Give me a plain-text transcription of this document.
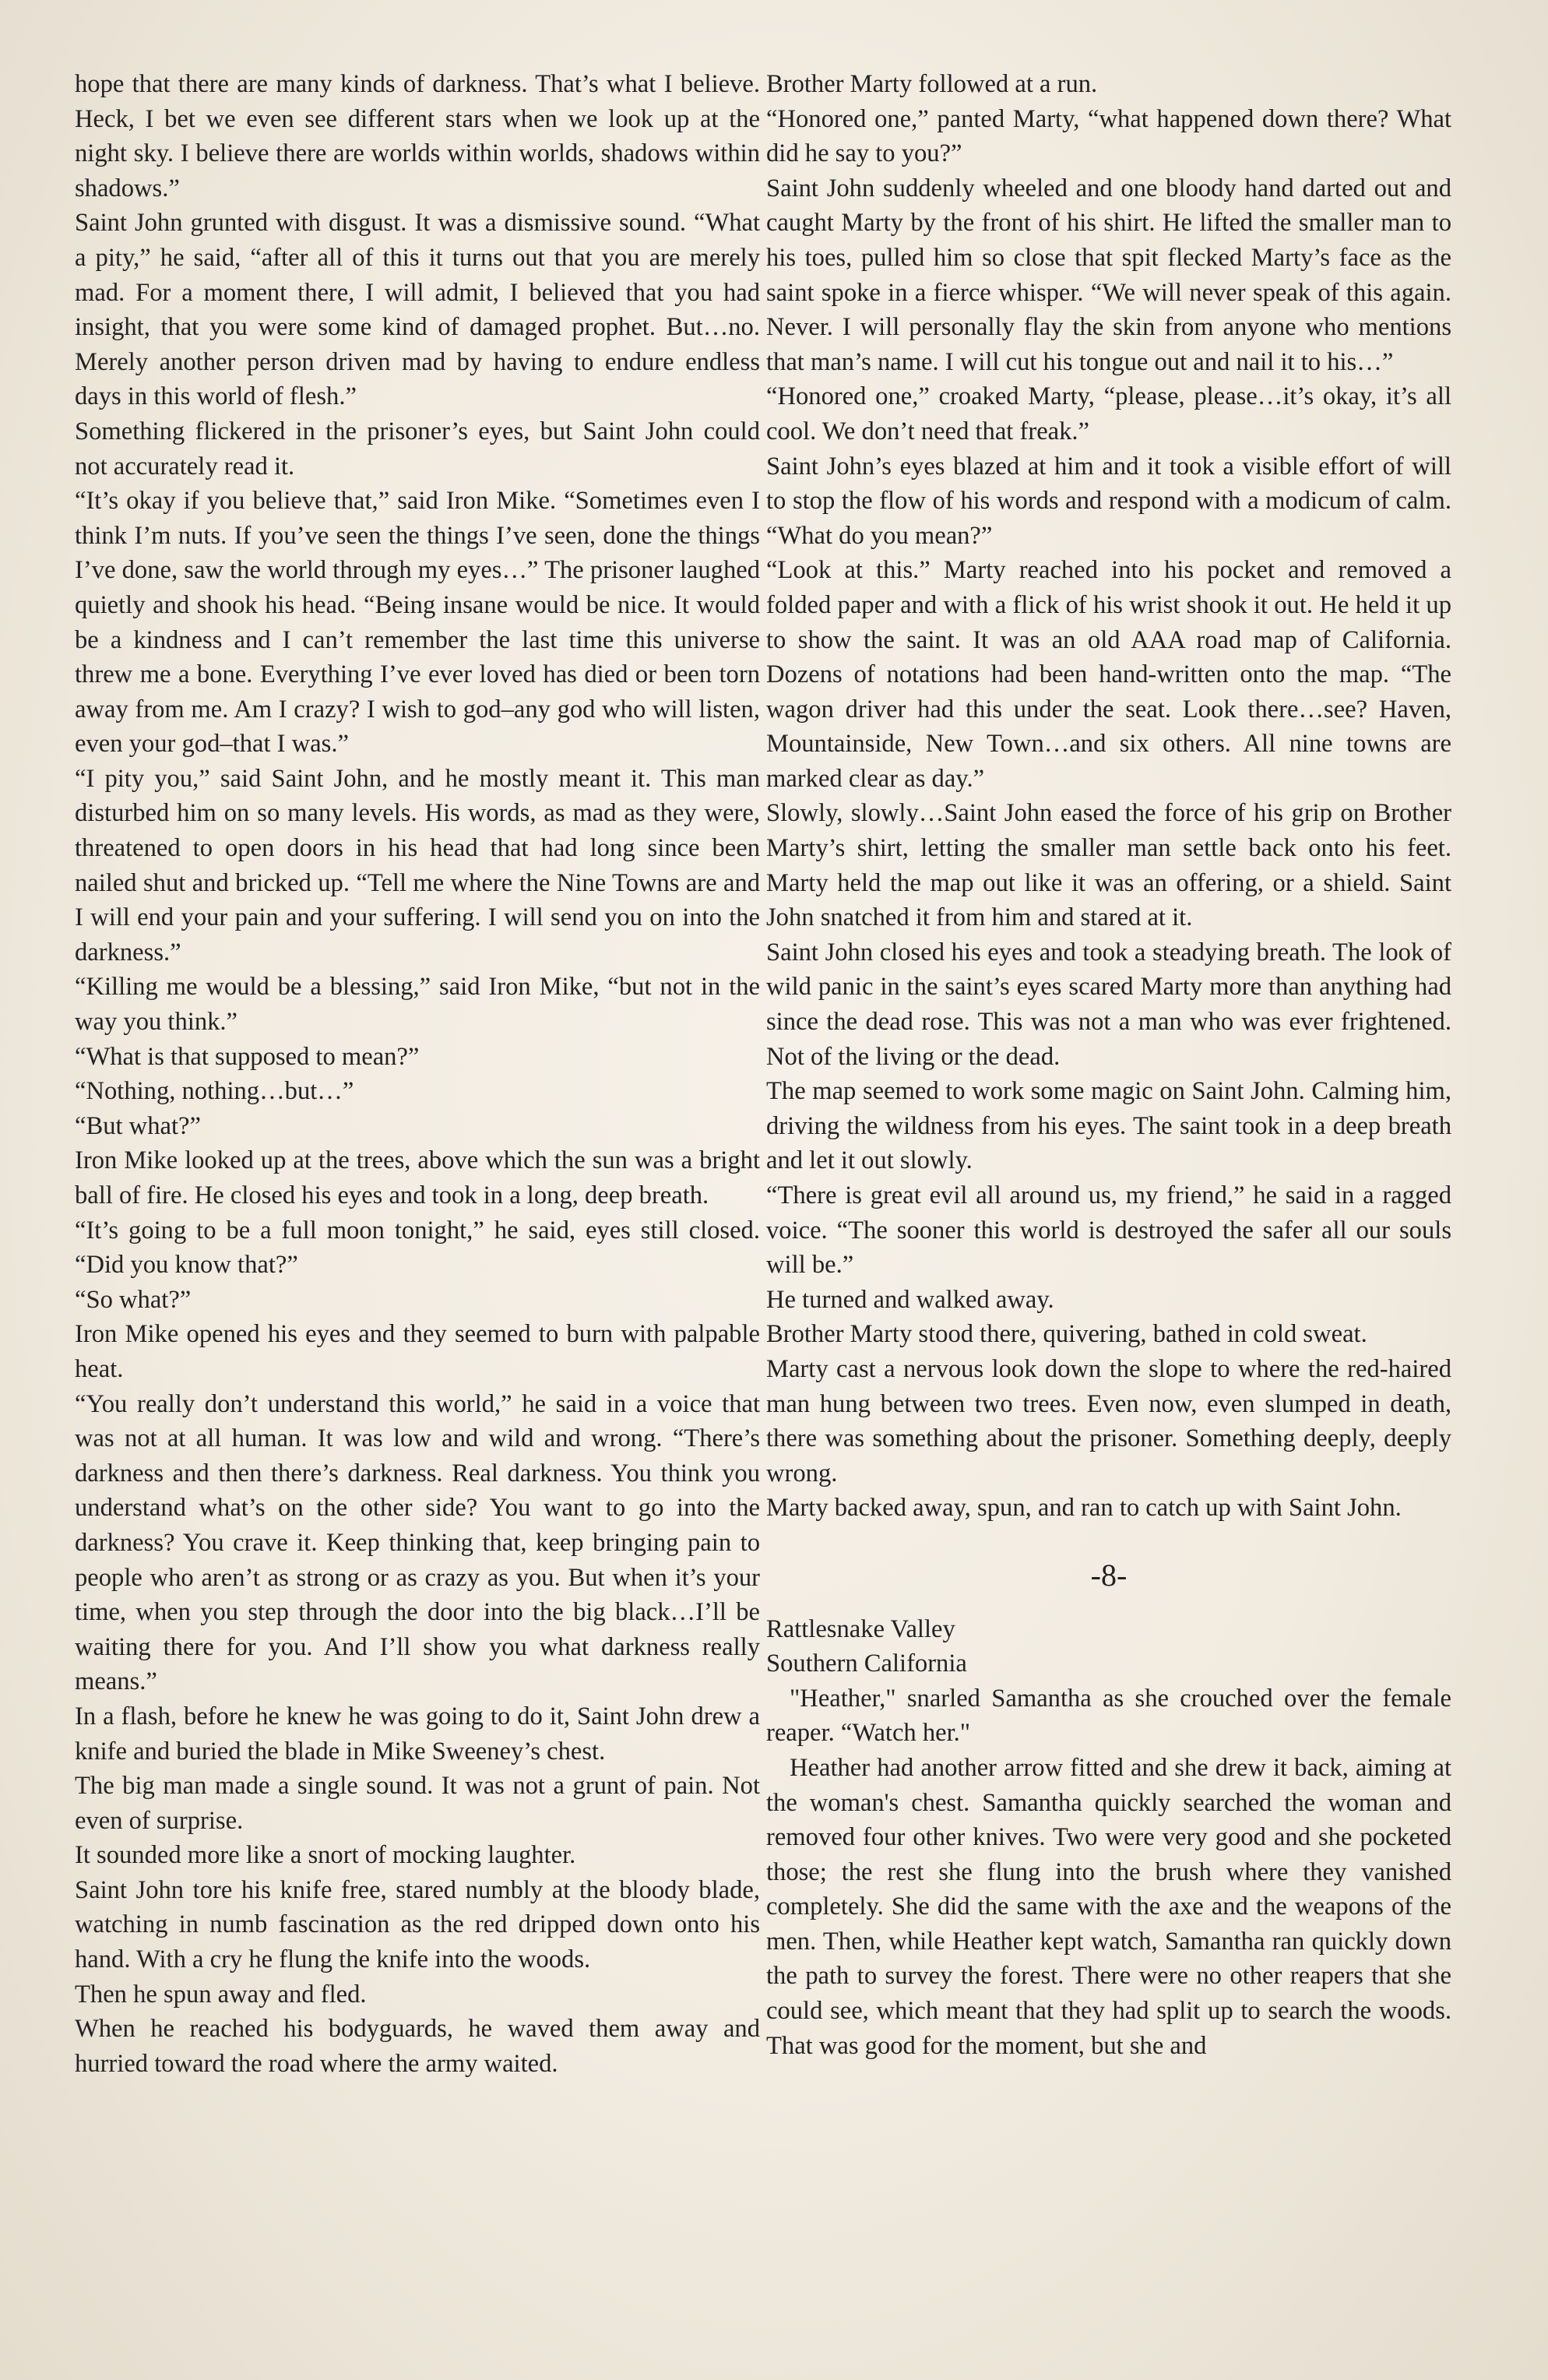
hope that there are many kinds of darkness. That’s what I believe. Heck, I bet we even see different stars when we look up at the night sky. I believe there are worlds within worlds, shadows within shadows.”

Saint John grunted with disgust. It was a dismissive sound. “What a pity,” he said, “after all of this it turns out that you are merely mad. For a moment there, I will admit, I believed that you had insight, that you were some kind of damaged prophet. But…no. Merely another person driven mad by having to endure endless days in this world of flesh.”

Something flickered in the prisoner’s eyes, but Saint John could not accurately read it.

“It’s okay if you believe that,” said Iron Mike. “Sometimes even I think I’m nuts. If you’ve seen the things I’ve seen, done the things I’ve done, saw the world through my eyes…” The prisoner laughed quietly and shook his head. “Being insane would be nice. It would be a kindness and I can’t remember the last time this universe threw me a bone. Everything I’ve ever loved has died or been torn away from me. Am I crazy? I wish to god–any god who will listen, even your god–that I was.”

“I pity you,” said Saint John, and he mostly meant it. This man disturbed him on so many levels. His words, as mad as they were, threatened to open doors in his head that had long since been nailed shut and bricked up. “Tell me where the Nine Towns are and I will end your pain and your suffering. I will send you on into the darkness.”

“Killing me would be a blessing,” said Iron Mike, “but not in the way you think.”

“What is that supposed to mean?”

“Nothing, nothing…but…”

“But what?”

Iron Mike looked up at the trees, above which the sun was a bright ball of fire. He closed his eyes and took in a long, deep breath.

“It’s going to be a full moon tonight,” he said, eyes still closed. “Did you know that?”

“So what?”

Iron Mike opened his eyes and they seemed to burn with palpable heat.

“You really don’t understand this world,” he said in a voice that was not at all human. It was low and wild and wrong. “There’s darkness and then there’s darkness. Real darkness. You think you understand what’s on the other side? You want to go into the darkness? You crave it. Keep thinking that, keep bringing pain to people who aren’t as strong or as crazy as you. But when it’s your time, when you step through the door into the big black…I’ll be waiting there for you. And I’ll show you what darkness really means.”

In a flash, before he knew he was going to do it, Saint John drew a knife and buried the blade in Mike Sweeney’s chest.

The big man made a single sound. It was not a grunt of pain. Not even of surprise.

It sounded more like a snort of mocking laughter.

Saint John tore his knife free, stared numbly at the bloody blade, watching in numb fascination as the red dripped down onto his hand. With a cry he flung the knife into the woods.

Then he spun away and fled.

When he reached his bodyguards, he waved them away and hurried toward the road where the army waited.

Brother Marty followed at a run.

“Honored one,” panted Marty, “what happened down there? What did he say to you?”

Saint John suddenly wheeled and one bloody hand darted out and caught Marty by the front of his shirt. He lifted the smaller man to his toes, pulled him so close that spit flecked Marty’s face as the saint spoke in a fierce whisper. “We will never speak of this again. Never. I will personally flay the skin from anyone who mentions that man’s name. I will cut his tongue out and nail it to his…”

“Honored one,” croaked Marty, “please, please…it’s okay, it’s all cool. We don’t need that freak.”

Saint John’s eyes blazed at him and it took a visible effort of will to stop the flow of his words and respond with a modicum of calm. “What do you mean?”

“Look at this.” Marty reached into his pocket and removed a folded paper and with a flick of his wrist shook it out. He held it up to show the saint. It was an old AAA road map of California. Dozens of notations had been hand-written onto the map. “The wagon driver had this under the seat. Look there…see? Haven, Mountainside, New Town…and six others. All nine towns are marked clear as day.”

Slowly, slowly…Saint John eased the force of his grip on Brother Marty’s shirt, letting the smaller man settle back onto his feet. Marty held the map out like it was an offering, or a shield. Saint John snatched it from him and stared at it.

Saint John closed his eyes and took a steadying breath. The look of wild panic in the saint’s eyes scared Marty more than anything had since the dead rose. This was not a man who was ever frightened. Not of the living or the dead.

The map seemed to work some magic on Saint John. Calming him, driving the wildness from his eyes. The saint took in a deep breath and let it out slowly.

“There is great evil all around us, my friend,” he said in a ragged voice. “The sooner this world is destroyed the safer all our souls will be.”

He turned and walked away.

Brother Marty stood there, quivering, bathed in cold sweat.

Marty cast a nervous look down the slope to where the red-haired man hung between two trees. Even now, even slumped in death, there was something about the prisoner. Something deeply, deeply wrong.

Marty backed away, spun, and ran to catch up with Saint John.

-8-

Rattlesnake Valley

Southern California

"Heather," snarled Samantha as she crouched over the female reaper. “Watch her."

Heather had another arrow fitted and she drew it back, aiming at the woman's chest. Samantha quickly searched the woman and removed four other knives. Two were very good and she pocketed those; the rest she flung into the brush where they vanished completely. She did the same with the axe and the weapons of the men. Then, while Heather kept watch, Samantha ran quickly down the path to survey the forest. There were no other reapers that she could see, which meant that they had split up to search the woods. That was good for the moment, but she and
